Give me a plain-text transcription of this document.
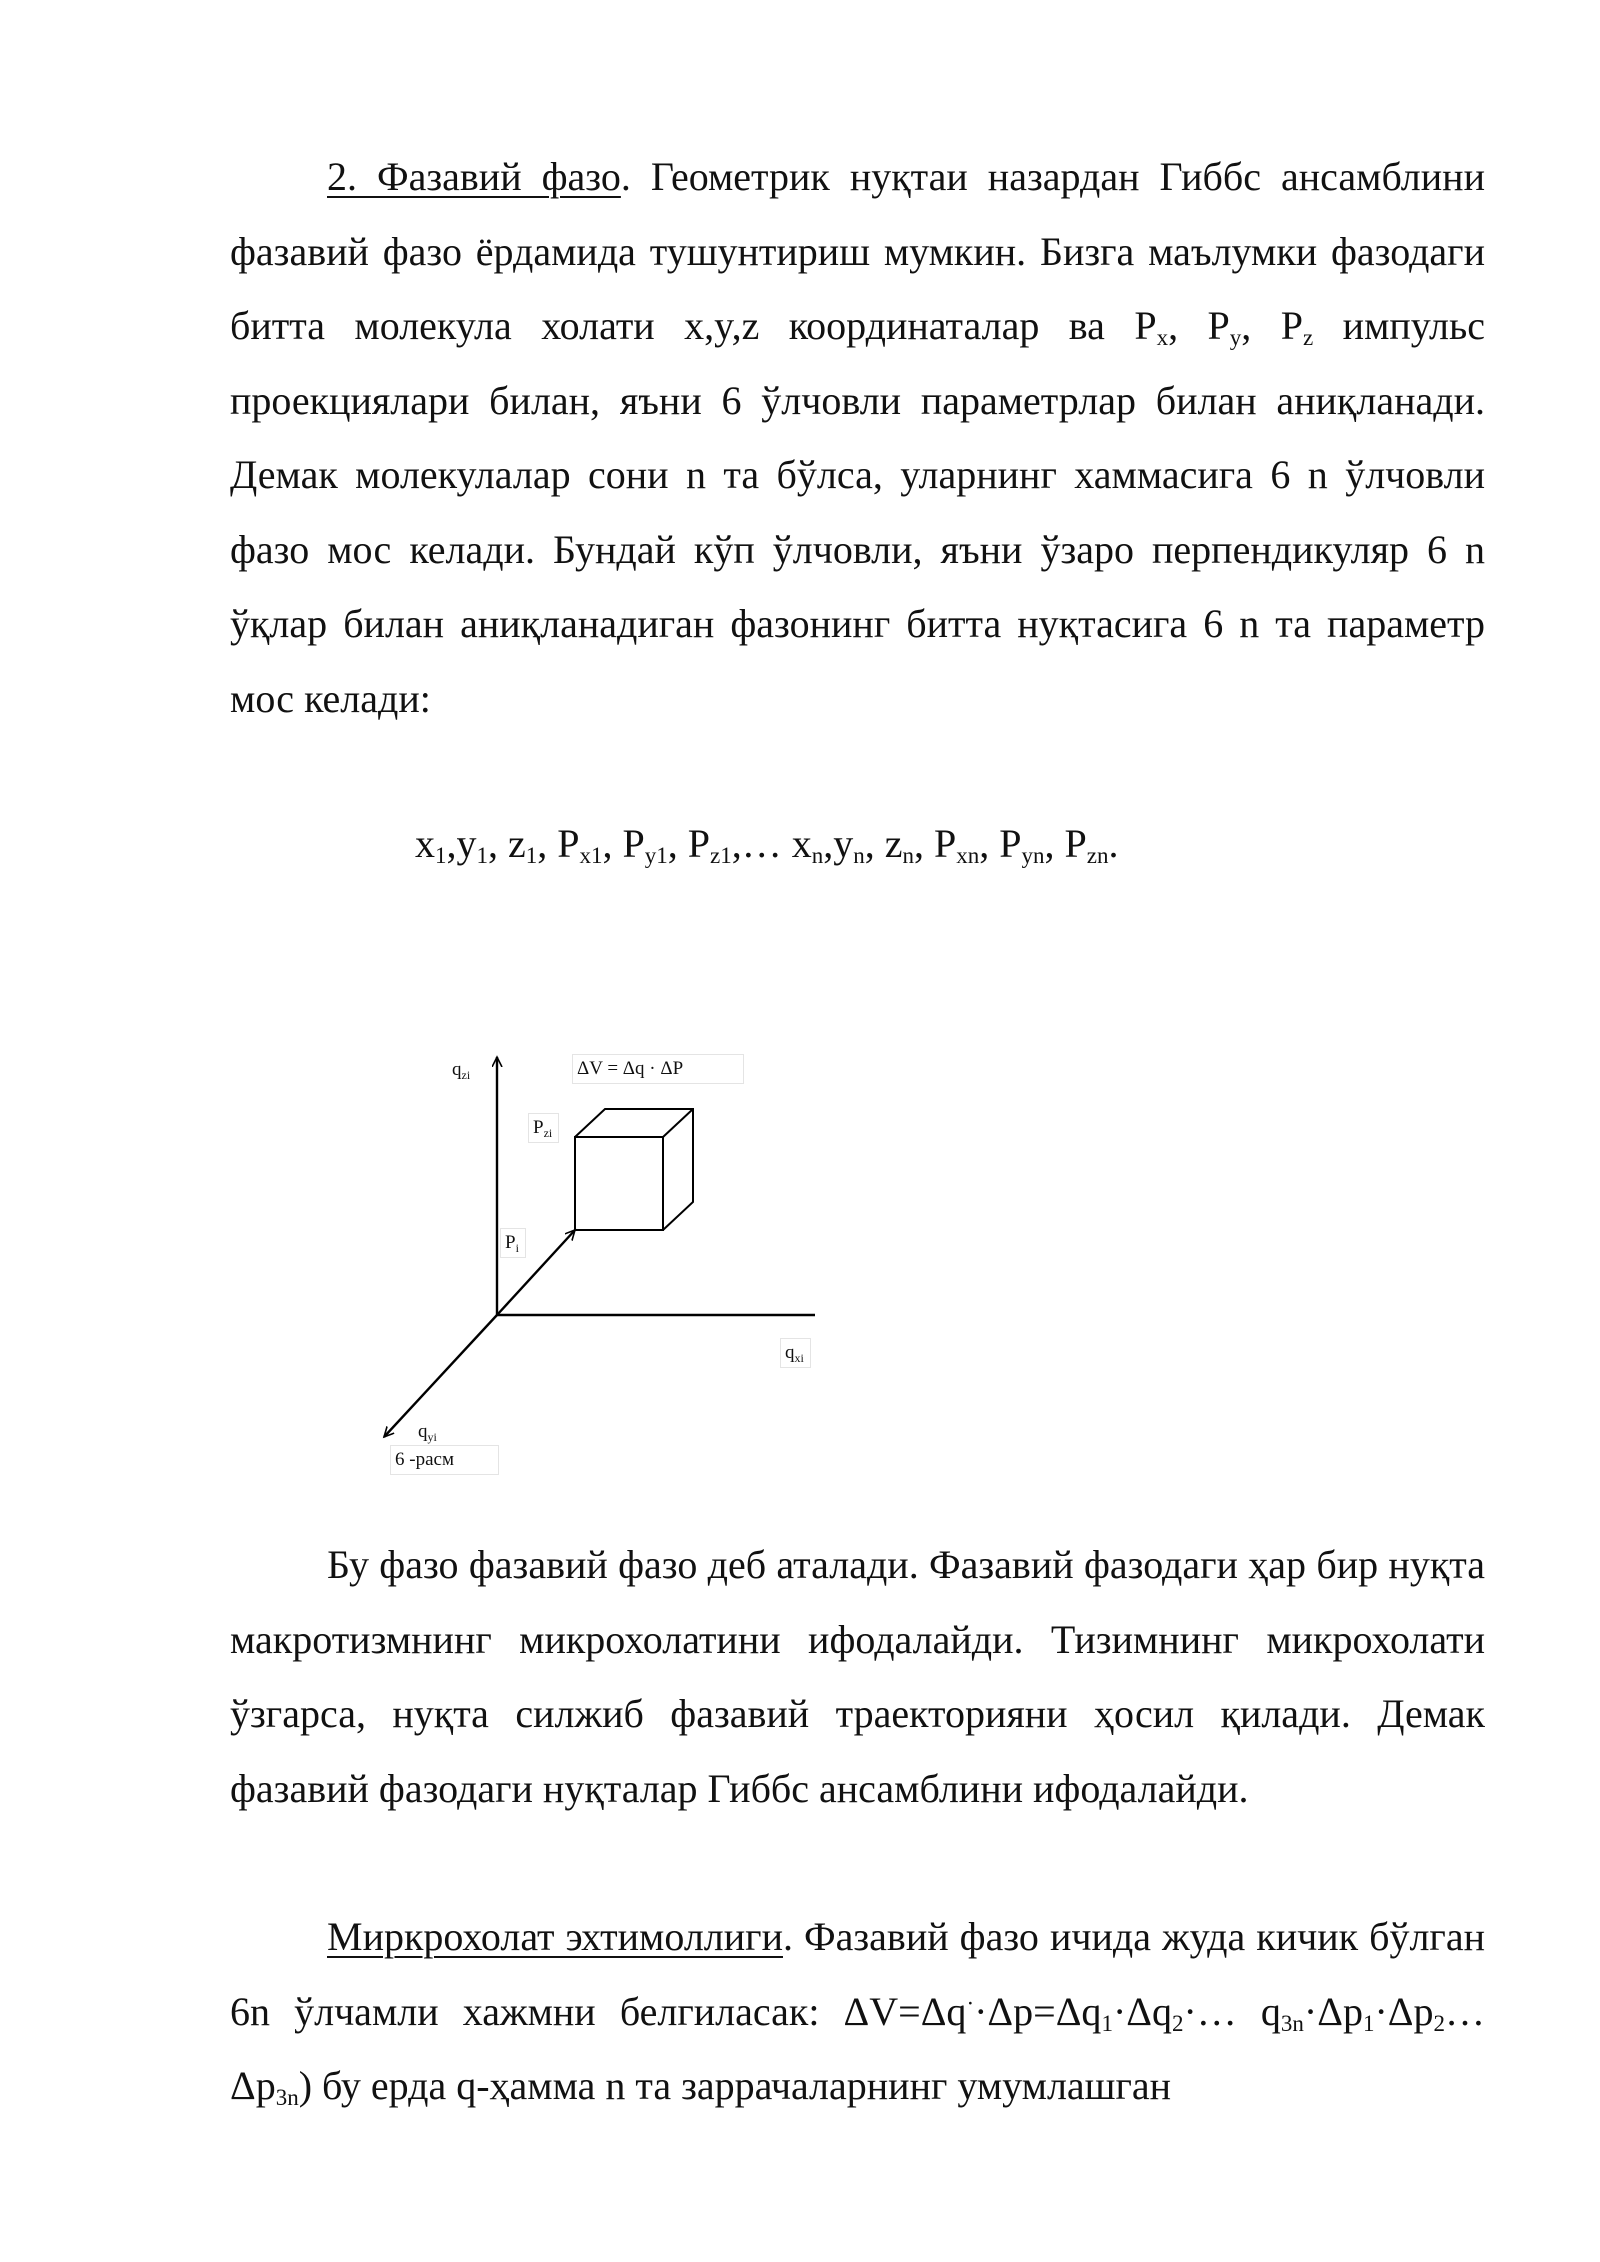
2. Фазавий фазо. Геометрик нуқтаи назардан Гиббс ансамблини фазавий фазо ёрдамида тушунтириш мумкин. Бизга маълумки фазодаги битта молекула холати x,y,z координаталар ва $P_x$, $P_y$, $P_z$ импульс проекциялари билан, яъни 6 ўлчовли параметрлар билан аниқланади. Демак молекулалар сони n та бўлса, уларнинг хаммасига 6 n ўлчовли фазо мос келади. Бундай кўп ўлчовли, яъни ўзаро перпендикуляр 6 n ўқлар билан аниқланадиган фазонинг битта нуқтасига 6 n та параметр мос келади:

$x_1,y_1$, $z_1$, $P_{x1}$, $P_{y1}$, $P_{z1},\dots$ $x_n,y_n$, $z_n$, $P_{xn}$, $P_{yn}$, $P_{zn}$.
$q_{zi}$	ΔV = Δq · ΔP
$P_{zi}$
$P_i$
$q_{xi}$
$q_{yi}$
6 -расм

Бу фазо фазавий фазо деб аталади. Фазавий фазодаги ҳар бир нуқта макротизмнинг микрохолатини ифодалайди. Тизимнинг микрохолати ўзгарса, нуқта силжиб фазавий траекторияни ҳосил қилади. Демак фазавий фазодаги нуқталар Гиббс ансамблини ифодалайди.

Миркрохолат эхтимоллиги. Фазавий фазо ичида жуда кичик бўлган 6n ўлчамли хажмни белгиласак: $\Delta V=\Delta q^\cdot\cdot\Delta p=\Delta q_1\cdot\Delta q_2\cdot\dots$ $q_{3n}\cdot\Delta p_1\cdot\Delta p_2\dots\Delta p_{3n}$) бу ерда q-ҳамма n та заррачаларнинг умумлашган
